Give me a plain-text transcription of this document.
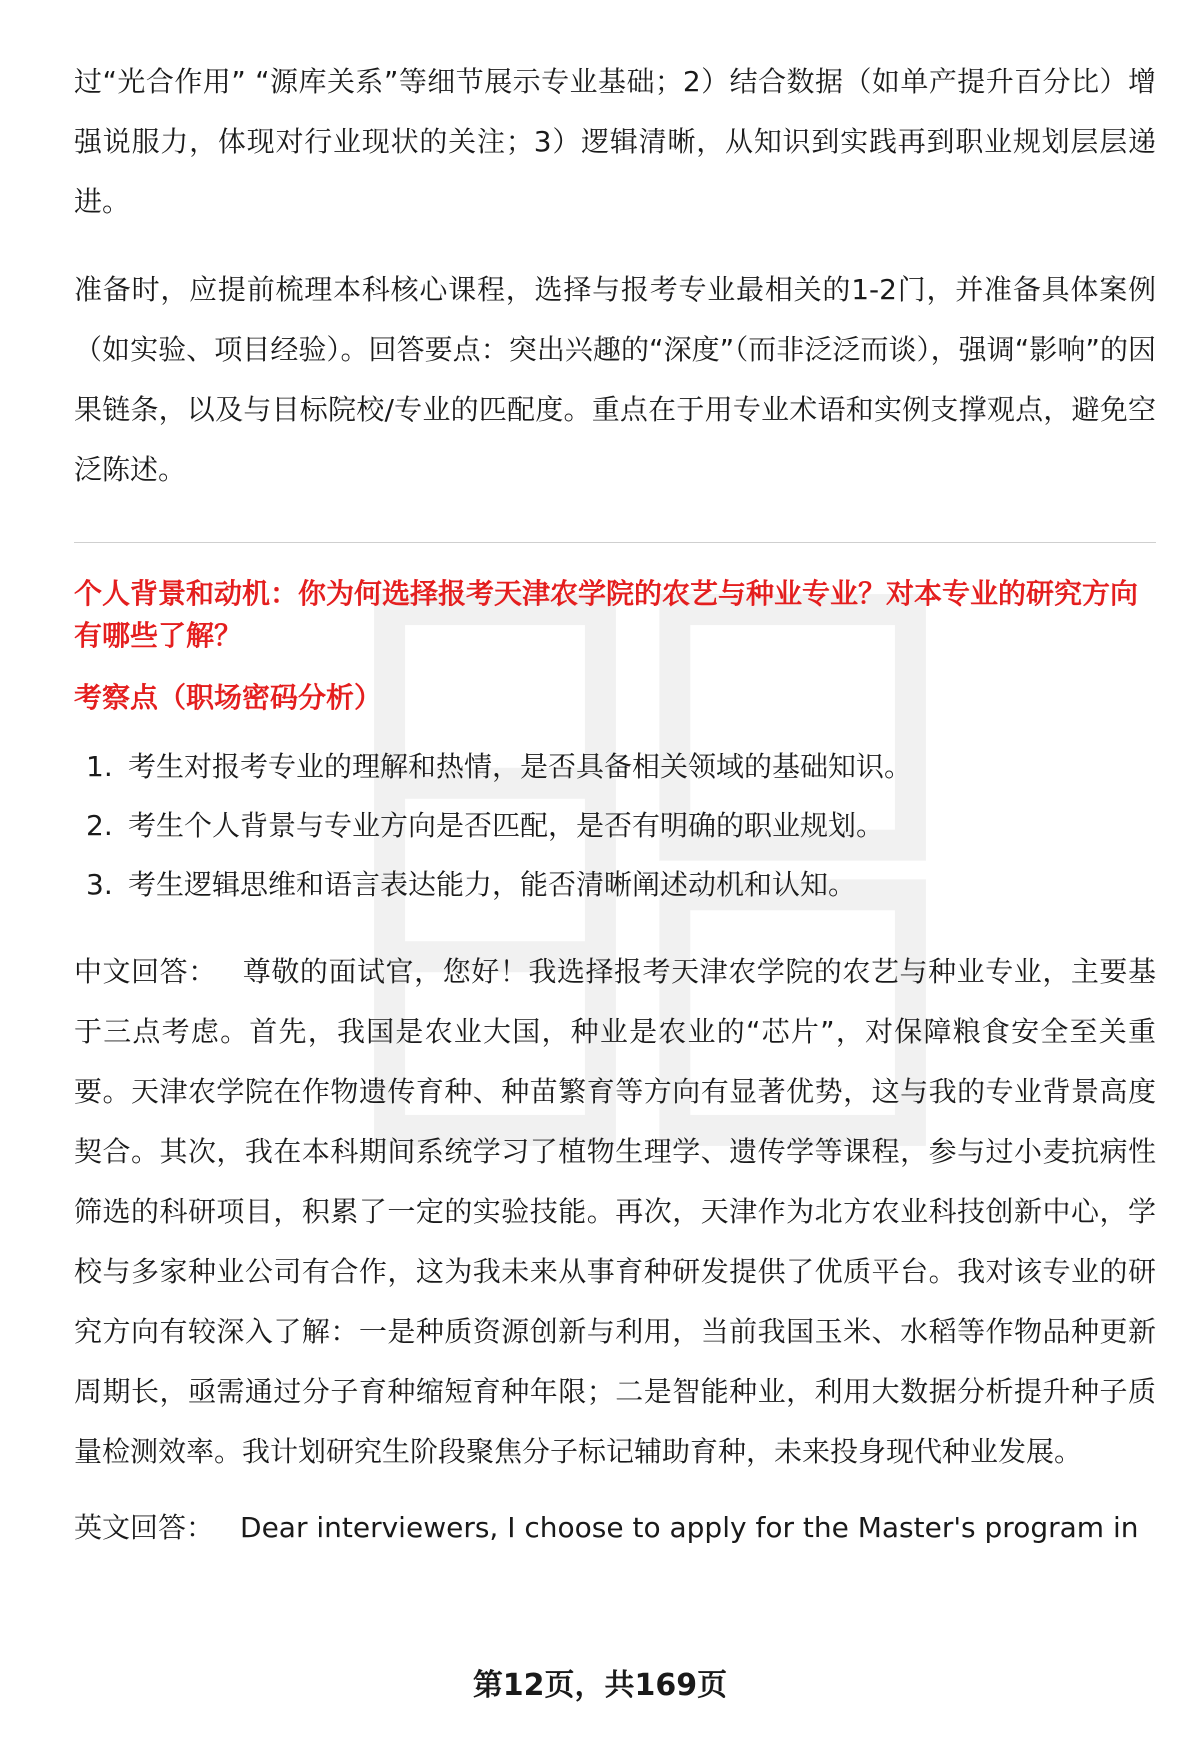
过“光合作用” “源库关系”等细节展示专业基础；2）结合数据（如单产提升百分比）增强说服力，体现对行业现状的关注；3）逻辑清晰，从知识到实践再到职业规划层层递进。

准备时，应提前梳理本科核心课程，选择与报考专业最相关的1-2门，并准备具体案例（如实验、项目经验）。回答要点：突出兴趣的“深度”（而非泛泛而谈），强调“影响”的因果链条，以及与目标院校/专业的匹配度。重点在于用专业术语和实例支撑观点，避免空泛陈述。

个人背景和动机：你为何选择报考天津农学院的农艺与种业专业？对本专业的研究方向有哪些了解？

考察点（职场密码分析）

1. 考生对报考专业的理解和热情，是否具备相关领域的基础知识。
2. 考生个人背景与专业方向是否匹配，是否有明确的职业规划。
3. 考生逻辑思维和语言表达能力，能否清晰阐述动机和认知。

中文回答： 尊敬的面试官，您好！我选择报考天津农学院的农艺与种业专业，主要基于三点考虑。首先，我国是农业大国，种业是农业的“芯片”，对保障粮食安全至关重要。天津农学院在作物遗传育种、种苗繁育等方向有显著优势，这与我的专业背景高度契合。其次，我在本科期间系统学习了植物生理学、遗传学等课程，参与过小麦抗病性筛选的科研项目，积累了一定的实验技能。再次，天津作为北方农业科技创新中心，学校与多家种业公司有合作，这为我未来从事育种研发提供了优质平台。我对该专业的研究方向有较深入了解：一是种质资源创新与利用，当前我国玉米、水稻等作物品种更新周期长，亟需通过分子育种缩短育种年限；二是智能种业，利用大数据分析提升种子质量检测效率。我计划研究生阶段聚焦分子标记辅助育种，未来投身现代种业发展。

英文回答： Dear interviewers, I choose to apply for the Master's program in

第12页，共169页
